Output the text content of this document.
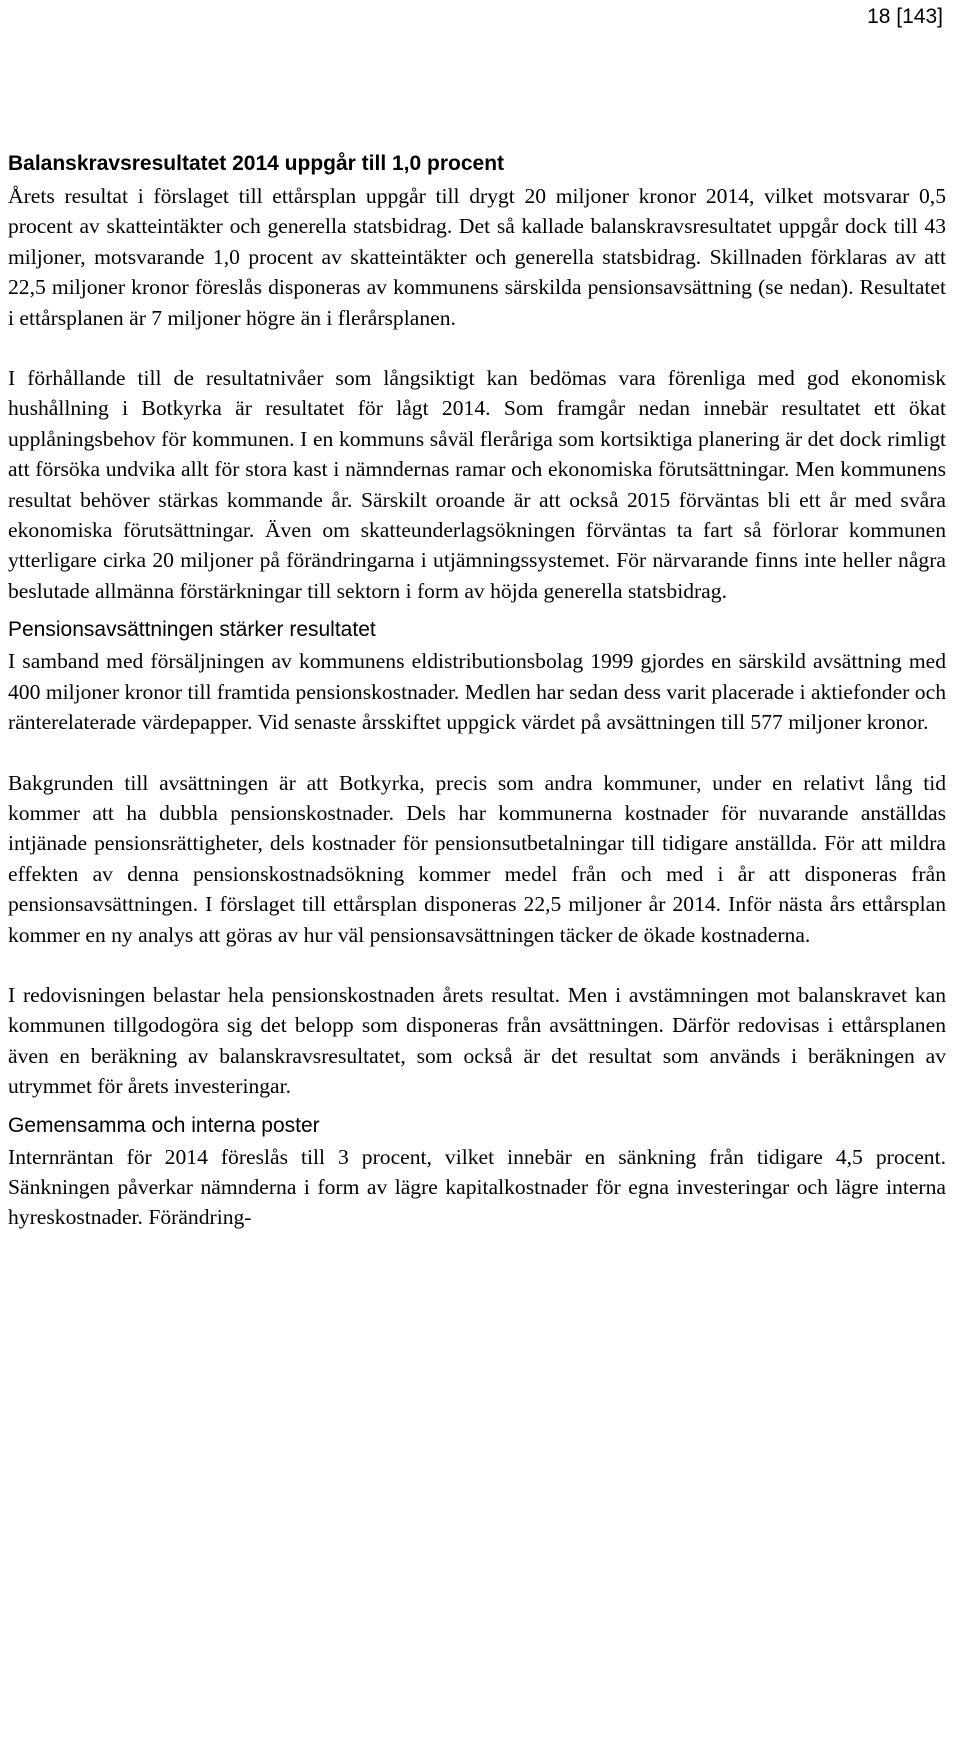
18 [143]
Balanskravsresultatet 2014 uppgår till 1,0 procent

Årets resultat i förslaget till ettårsplan uppgår till drygt 20 miljoner kronor 2014, vilket motsvarar 0,5 procent av skatteintäkter och generella statsbidrag. Det så kallade balanskravsresultatet uppgår dock till 43 miljoner, motsvarande 1,0 procent av skatteintäkter och generella statsbidrag. Skillnaden förklaras av att 22,5 miljoner kronor föreslås disponeras av kommunens särskilda pensionsavsättning (se nedan). Resultatet i ettårsplanen är 7 miljoner högre än i flerårsplanen.

I förhållande till de resultatnivåer som långsiktigt kan bedömas vara förenliga med god ekonomisk hushållning i Botkyrka är resultatet för lågt 2014. Som framgår nedan innebär resultatet ett ökat upplåningsbehov för kommunen. I en kommuns såväl fleråriga som kortsiktiga planering är det dock rimligt att försöka undvika allt för stora kast i nämndernas ramar och ekonomiska förutsättningar. Men kommunens resultat behöver stärkas kommande år. Särskilt oroande är att också 2015 förväntas bli ett år med svåra ekonomiska förutsättningar. Även om skatteunderlagsökningen förväntas ta fart så förlorar kommunen ytterligare cirka 20 miljoner på förändringarna i utjämningssystemet. För närvarande finns inte heller några beslutade allmänna förstärkningar till sektorn i form av höjda generella statsbidrag.

Pensionsavsättningen stärker resultatet

I samband med försäljningen av kommunens eldistributionsbolag 1999 gjordes en särskild avsättning med 400 miljoner kronor till framtida pensionskostnader. Medlen har sedan dess varit placerade i aktiefonder och ränterelaterade värdepapper. Vid senaste årsskiftet uppgick värdet på avsättningen till 577 miljoner kronor.

Bakgrunden till avsättningen är att Botkyrka, precis som andra kommuner, under en relativt lång tid kommer att ha dubbla pensionskostnader. Dels har kommunerna kostnader för nuvarande anställdas intjänade pensionsrättigheter, dels kostnader för pensionsutbetalningar till tidigare anställda. För att mildra effekten av denna pensionskostnadsökning kommer medel från och med i år att disponeras från pensionsavsättningen. I förslaget till ettårsplan disponeras 22,5 miljoner år 2014. Inför nästa års ettårsplan kommer en ny analys att göras av hur väl pensionsavsättningen täcker de ökade kostnaderna.

I redovisningen belastar hela pensionskostnaden årets resultat. Men i avstämningen mot balanskravet kan kommunen tillgodogöra sig det belopp som disponeras från avsättningen. Därför redovisas i ettårsplanen även en beräkning av balanskravsresultatet, som också är det resultat som används i beräkningen av utrymmet för årets investeringar.

Gemensamma och interna poster

Internräntan för 2014 föreslås till 3 procent, vilket innebär en sänkning från tidigare 4,5 procent. Sänkningen påverkar nämnderna i form av lägre kapitalkostnader för egna investeringar och lägre interna hyreskostnader. Förändring-
